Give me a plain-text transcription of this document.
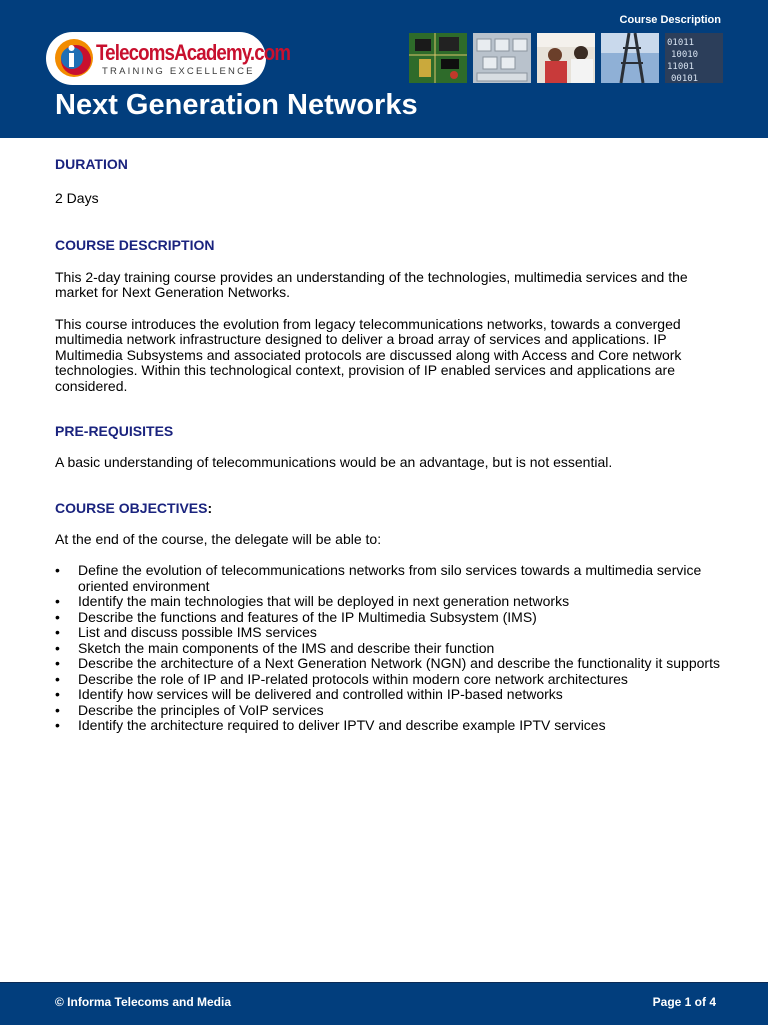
Course Description
TelecomsAcademy.com
TRAINING EXCELLENCE
01011
10010
11001
00101
Next Generation Networks

DURATION

2 Days

COURSE DESCRIPTION

This 2-day training course provides an understanding of the technologies, multimedia services and the market for Next Generation Networks.

This course introduces the evolution from legacy telecommunications networks, towards a converged multimedia network infrastructure designed to deliver a broad array of services and applications. IP Multimedia Subsystems and associated protocols are discussed along with Access and Core network technologies. Within this technological context, provision of IP enabled services and applications are considered.

PRE-REQUISITES

A basic understanding of telecommunications would be an advantage, but is not essential.

COURSE OBJECTIVES:

At the end of the course, the delegate will be able to:

• Define the evolution of telecommunications networks from silo services towards a multimedia service oriented environment
• Identify the main technologies that will be deployed in next generation networks
• Describe the functions and features of the IP Multimedia Subsystem (IMS)
• List and discuss possible IMS services
• Sketch the main components of the IMS and describe their function
• Describe the architecture of a Next Generation Network (NGN) and describe the functionality it supports
• Describe the role of IP and IP-related protocols within modern core network architectures
• Identify how services will be delivered and controlled within IP-based networks
• Describe the principles of VoIP services
• Identify the architecture required to deliver IPTV and describe example IPTV services
© Informa Telecoms and Media	Page 1 of 4
